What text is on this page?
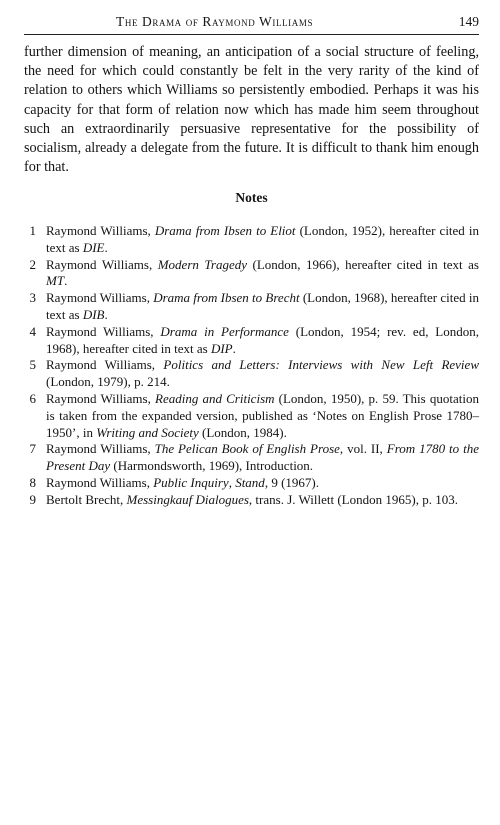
The Drama of Raymond Williams	149

further dimension of meaning, an anticipation of a social structure of feeling, the need for which could constantly be felt in the very rarity of the kind of relation to others which Williams so persistently embodied. Perhaps it was his capacity for that form of relation now which has made him seem throughout such an extraordinarily persuasive representative for the possibility of socialism, already a delegate from the future. It is difficult to thank him enough for that.

Notes
1 Raymond Williams, Drama from Ibsen to Eliot (London, 1952), hereafter cited in text as DIE.
2 Raymond Williams, Modern Tragedy (London, 1966), hereafter cited in text as MT.
3 Raymond Williams, Drama from Ibsen to Brecht (London, 1968), hereafter cited in text as DIB.
4 Raymond Williams, Drama in Performance (London, 1954; rev. ed, London, 1968), hereafter cited in text as DIP.
5 Raymond Williams, Politics and Letters: Interviews with New Left Review (London, 1979), p. 214.
6 Raymond Williams, Reading and Criticism (London, 1950), p. 59. This quotation is taken from the expanded version, published as ‘Notes on English Prose 1780–1950’, in Writing and Society (London, 1984).
7 Raymond Williams, The Pelican Book of English Prose, vol. II, From 1780 to the Present Day (Harmondsworth, 1969), Introduction.
8 Raymond Williams, Public Inquiry, Stand, 9 (1967).
9 Bertolt Brecht, Messingkauf Dialogues, trans. J. Willett (London 1965), p. 103.
